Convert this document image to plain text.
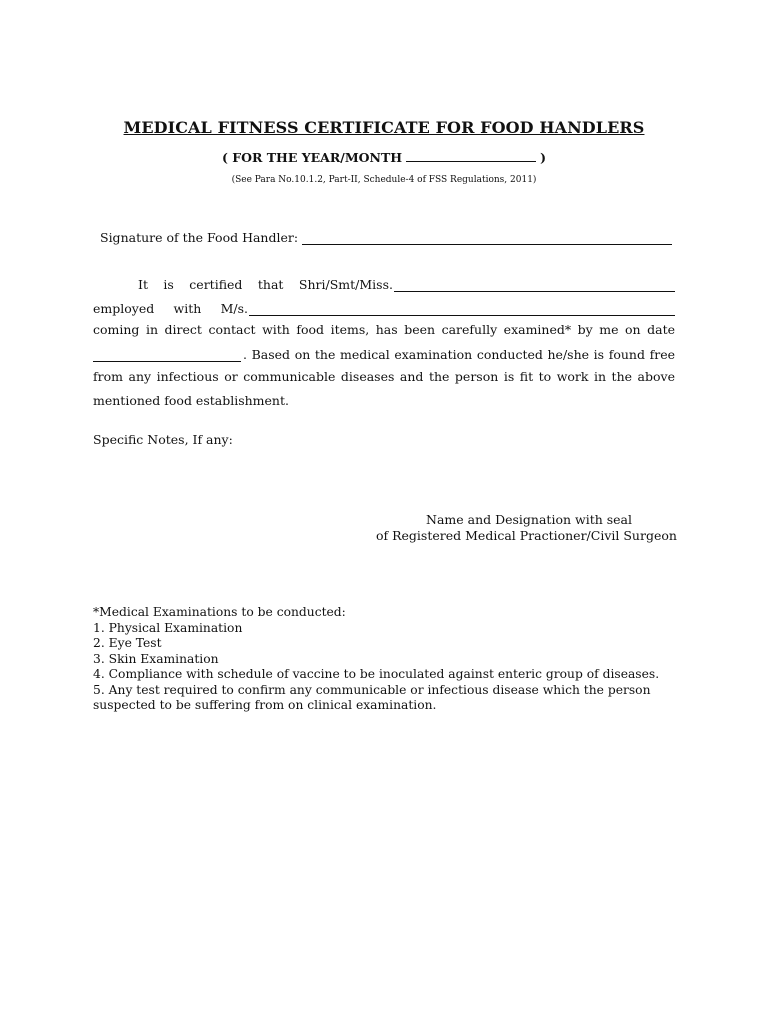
MEDICAL FITNESS CERTIFICATE FOR FOOD HANDLERS
( FOR THE YEAR/MONTH	)
(See Para No.10.1.2, Part-II, Schedule-4 of FSS Regulations, 2011)
Signature of the Food Handler:
It is certified that Shri/Smt/Miss.
employed with M/s.
coming in direct contact with food items, has been carefully examined* by me on date
. Based on the medical examination conducted he/she is found free
from any infectious or communicable diseases and the person is fit to work in the above
mentioned food establishment.
Specific Notes, If any:
Name and Designation with seal
of Registered Medical Practioner/Civil Surgeon
*Medical Examinations to be conducted:
1. Physical Examination
2. Eye Test
3. Skin Examination
4. Compliance with schedule of vaccine to be inoculated against enteric group of diseases.
5. Any test required to confirm any communicable or infectious disease which the person
suspected to be suffering from on clinical examination.
